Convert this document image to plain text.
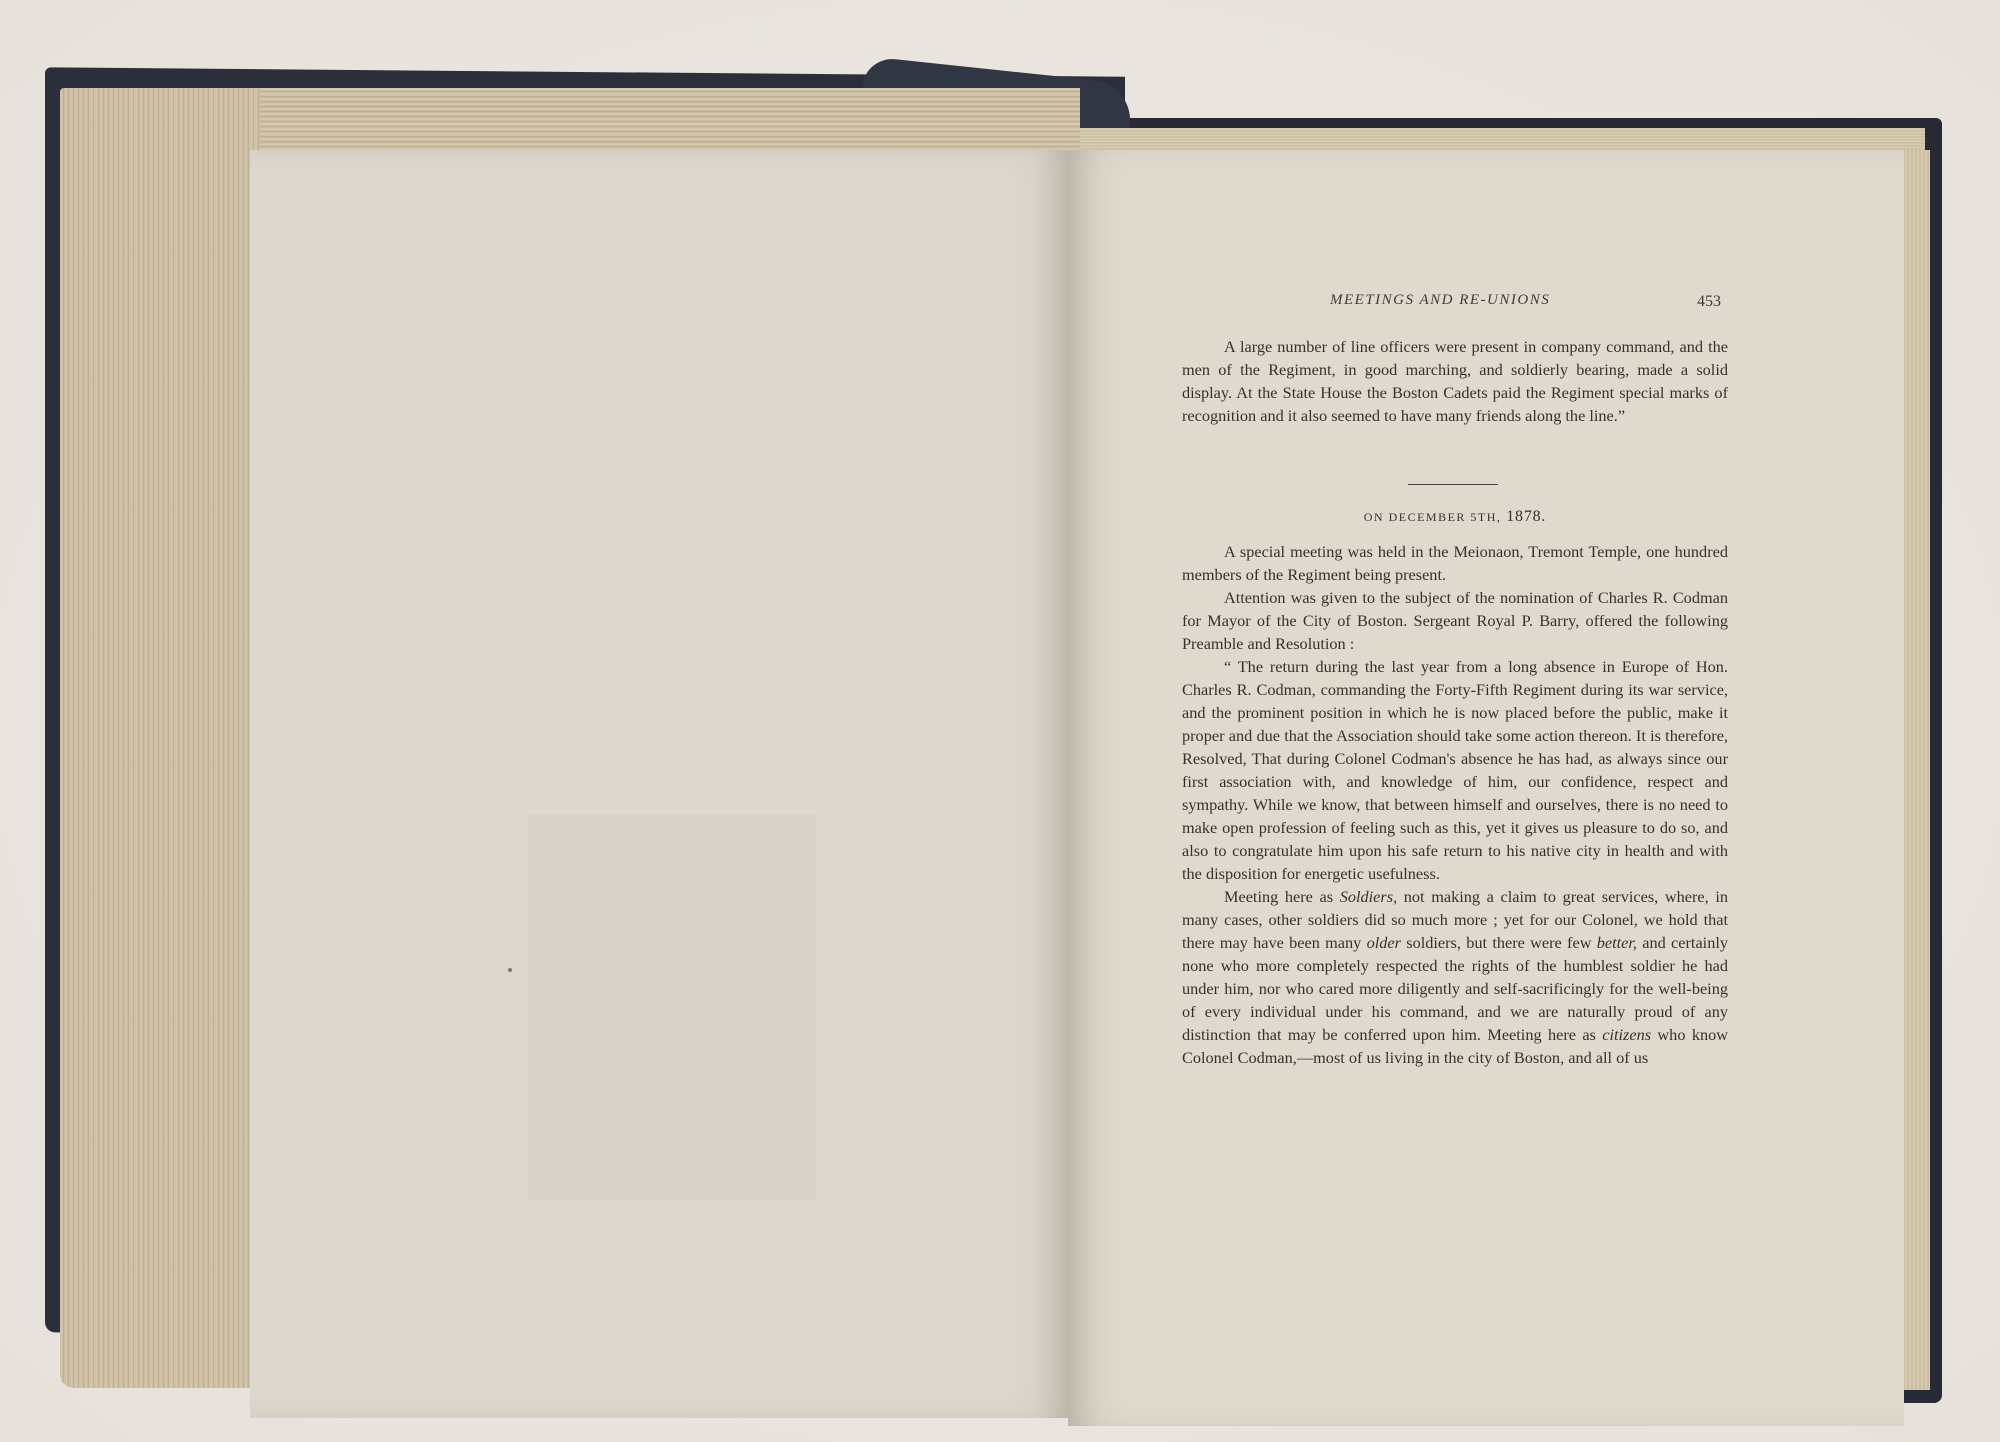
MEETINGS AND RE-UNIONS	453

A large number of line officers were present in company command, and the men of the Regiment, in good marching, and soldierly bearing, made a solid display. At the State House the Boston Cadets paid the Regiment special marks of recognition and it also seemed to have many friends along the line.”

ON DECEMBER 5TH, 1878.

A special meeting was held in the Meionaon, Tremont Temple, one hundred members of the Regiment being present.

Attention was given to the subject of the nomination of Charles R. Codman for Mayor of the City of Boston. Sergeant Royal P. Barry, offered the following Preamble and Resolution :

“ The return during the last year from a long absence in Europe of Hon. Charles R. Codman, commanding the Forty-Fifth Regiment during its war service, and the prominent position in which he is now placed before the public, make it proper and due that the Association should take some action thereon. It is therefore, Resolved, That during Colonel Codman's absence he has had, as always since our first association with, and knowledge of him, our confidence, respect and sympathy. While we know, that between himself and ourselves, there is no need to make open profession of feeling such as this, yet it gives us pleasure to do so, and also to congratulate him upon his safe return to his native city in health and with the disposition for energetic usefulness.

Meeting here as Soldiers, not making a claim to great services, where, in many cases, other soldiers did so much more ; yet for our Colonel, we hold that there may have been many older soldiers, but there were few better, and certainly none who more completely respected the rights of the humblest soldier he had under him, nor who cared more diligently and self-sacrificingly for the well-being of every individual under his command, and we are naturally proud of any distinction that may be conferred upon him. Meeting here as citizens who know Colonel Codman,—most of us living in the city of Boston, and all of us
